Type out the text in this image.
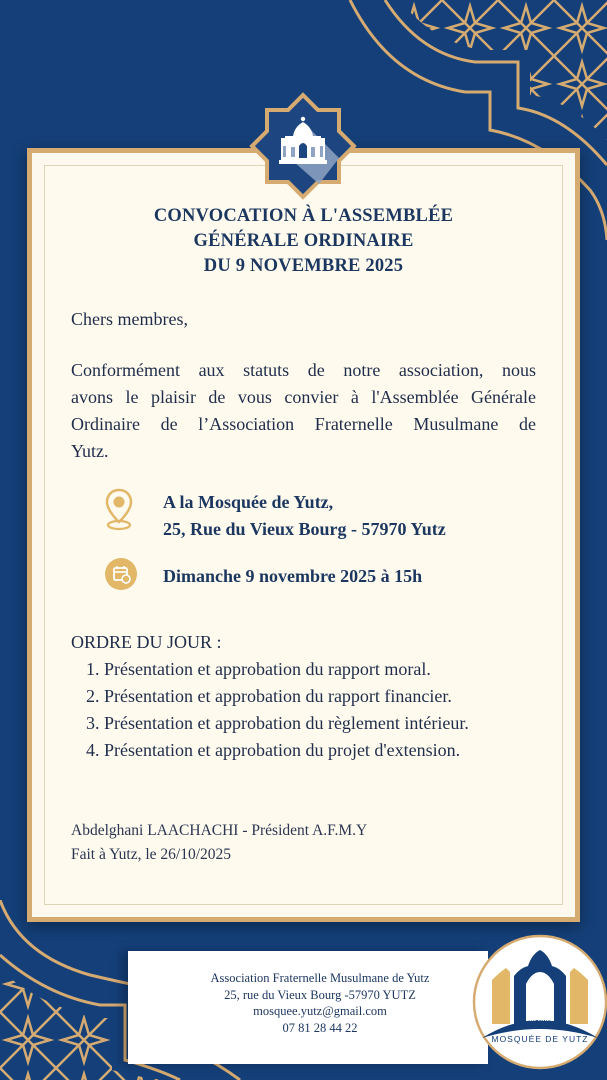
CONVOCATION À L'ASSEMBLÉE
GÉNÉRALE ORDINAIRE
DU 9 NOVEMBRE 2025
Chers membres,
Conformément aux statuts de notre association, nous
avons le plaisir de vous convier à l'Assemblée Générale
Ordinaire de l’Association Fraternelle Musulmane de
Yutz.
A la Mosquée de Yutz,
25, Rue du Vieux Bourg - 57970 Yutz
Dimanche 9 novembre 2025 à 15h
ORDRE DU JOUR :
1. Présentation et approbation du rapport moral.
2. Présentation et approbation du rapport financier.
3. Présentation et approbation du règlement intérieur.
4. Présentation et approbation du projet d'extension.
Abdelghani LAACHACHI - Président A.F.M.Y
Fait à Yutz, le 26/10/2025
Association Fraternelle Musulmane de Yutz
25, rue du Vieux Bourg -57970 YUTZ
mosquee.yutz@gmail.com
07 81 28 44 22
A.F.M.Y
MOSQUÉE DE YUTZ
